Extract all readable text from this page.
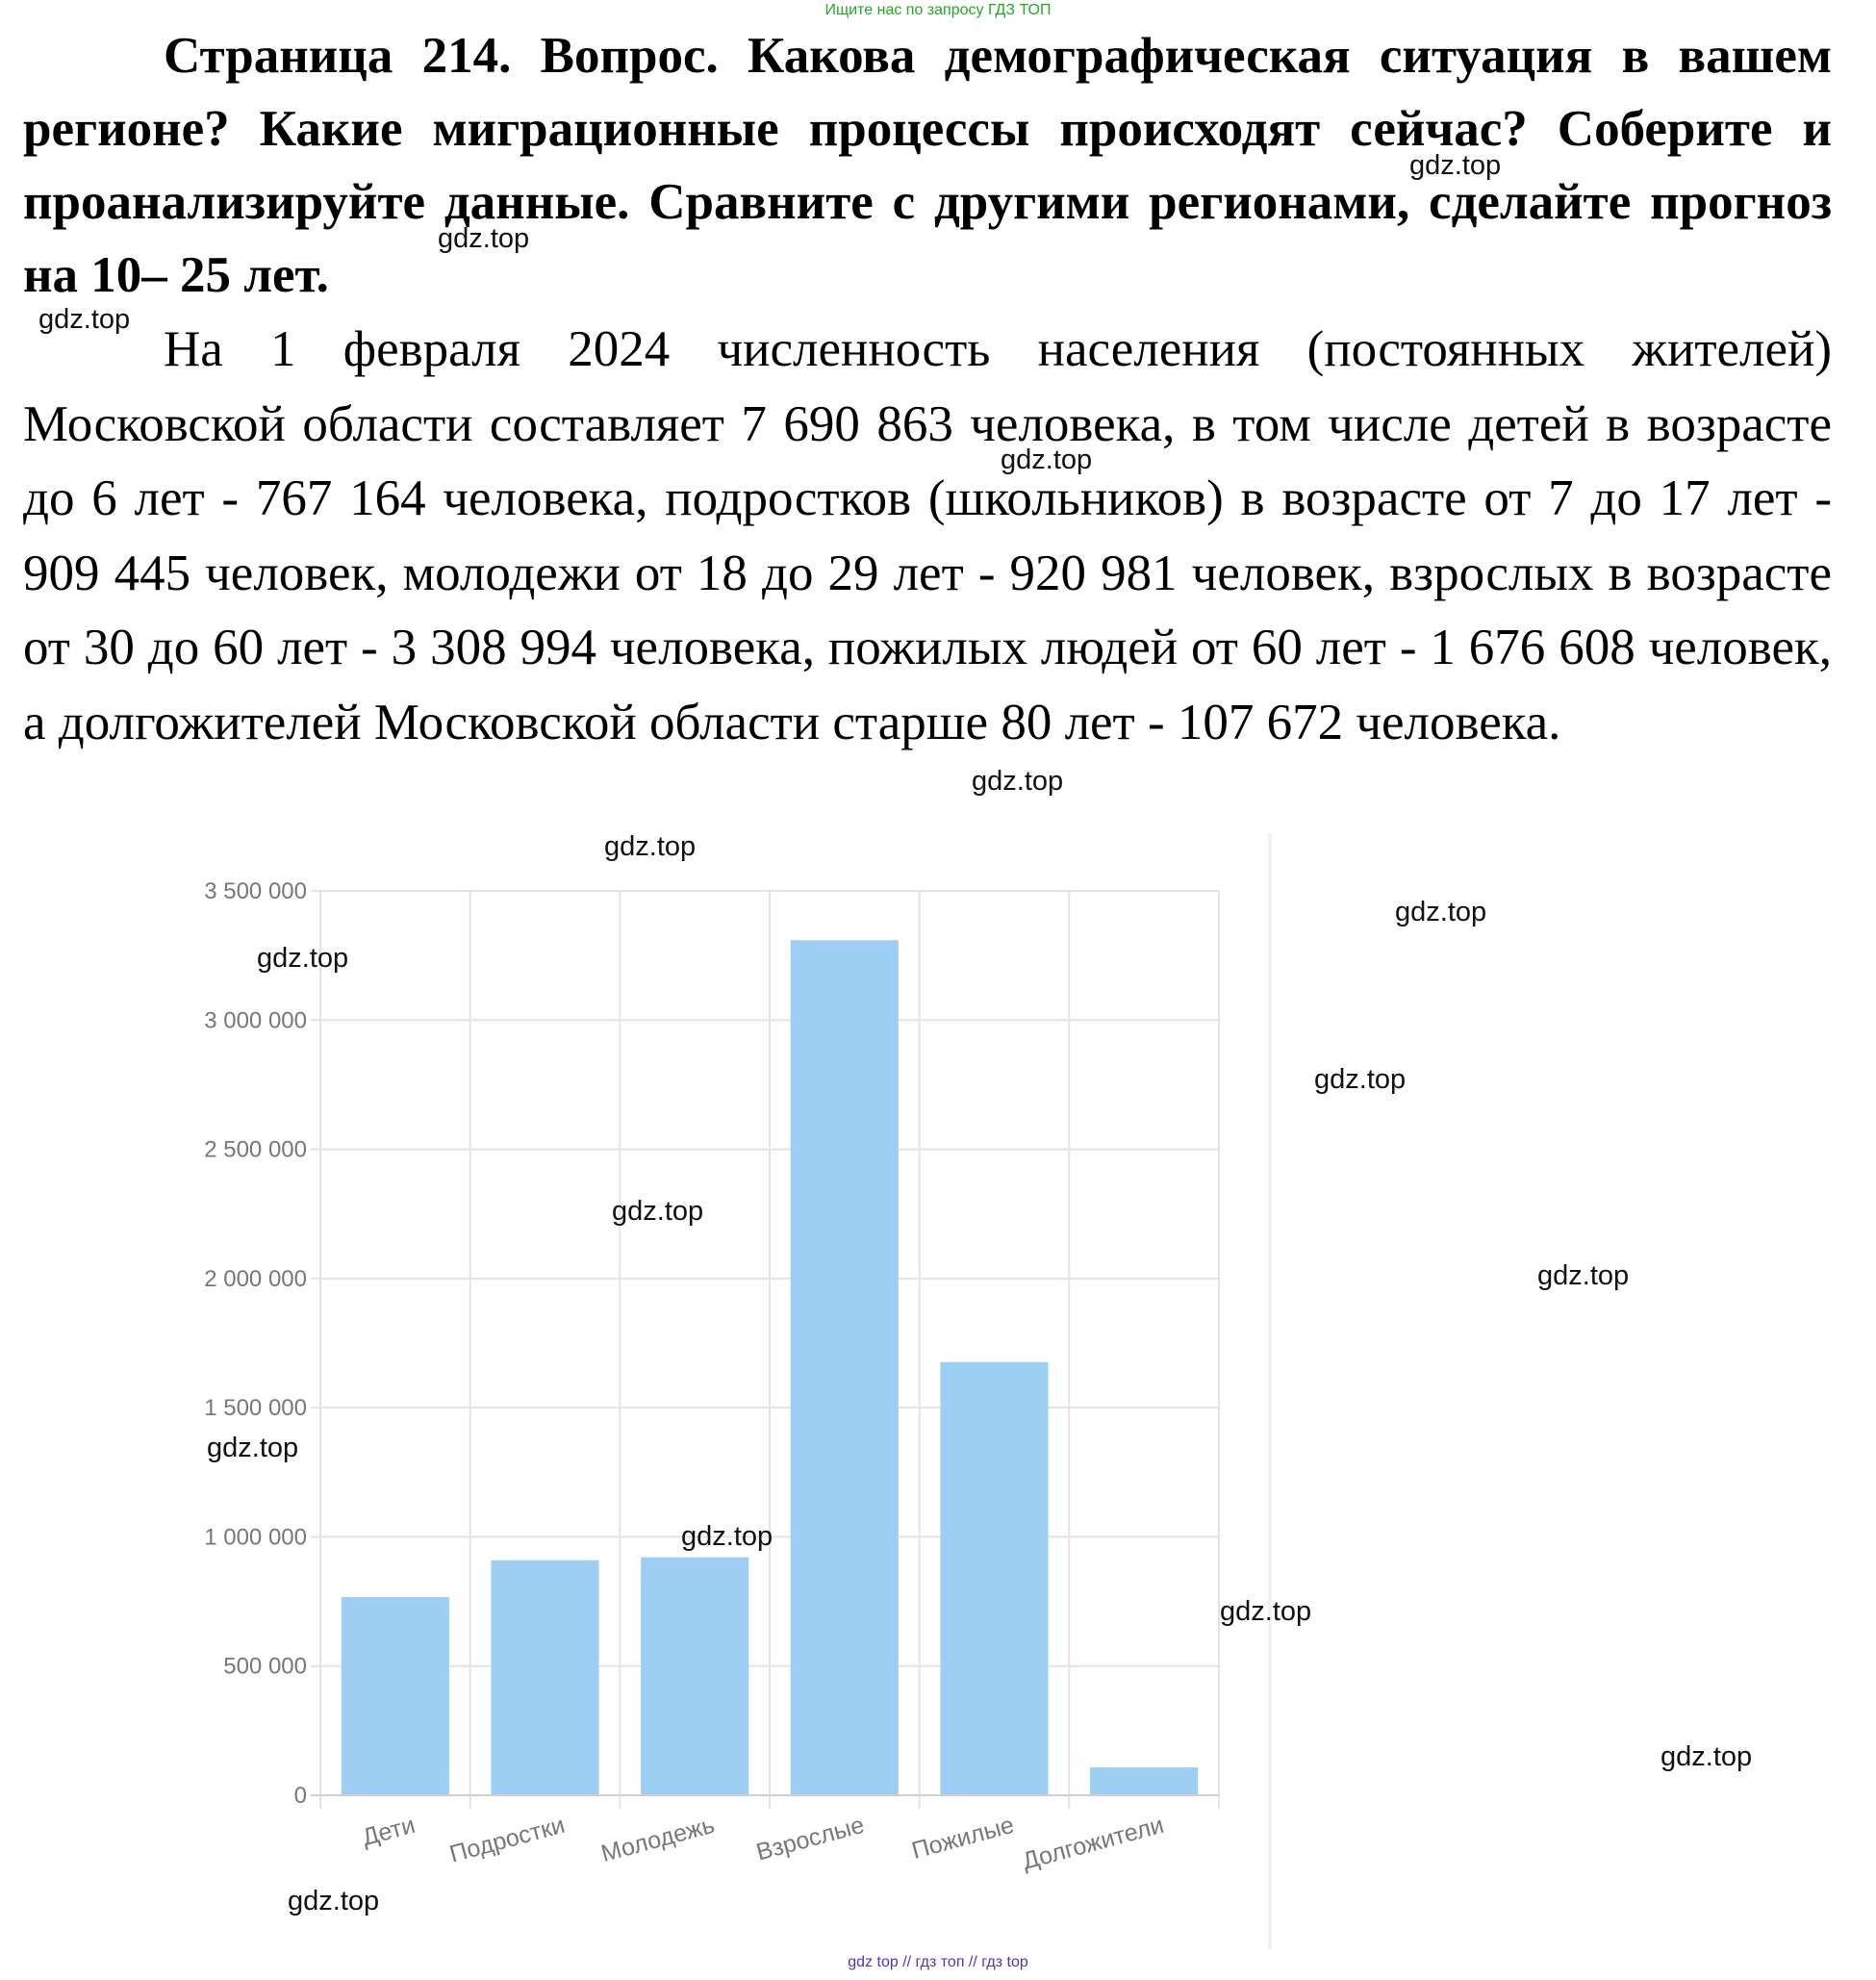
Ищите нас по запросу ГДЗ ТОП

Страница 214. Вопрос. Какова демографическая ситуация в вашем регионе? Какие миграционные процессы происходят сейчас? Соберите и проанализируйте данные. Сравните с другими регионами, сделайте прогноз на 10– 25 лет.

На 1 февраля 2024 численность населения (постоянных жителей) Московской области составляет 7 690 863 человека, в том числе детей в возрасте до 6 лет - 767 164 человека, подростков (школьников) в возрасте от 7 до 17 лет - 909 445 человек, молодежи от 18 до 29 лет - 920 981 человек, взрослых в возрасте от 30 до 60 лет - 3 308 994 человека, пожилых людей от 60 лет - 1 676 608 человек, а долгожителей Московской области старше 80 лет - 107 672 человека.

0
500 000
1 000 000
1 500 000
2 000 000
2 500 000
3 000 000
3 500 000
Дети Подростки Молодежь Взрослые Пожилые Долгожители
gdz.top
gdz.top
gdz.top
gdz.top
gdz.top
gdz.top
gdz.top
gdz.top
gdz.top
gdz.top
gdz.top
gdz.top
gdz.top
gdz.top
gdz.top
gdz.top
gdz top // гдз топ // гдз top
